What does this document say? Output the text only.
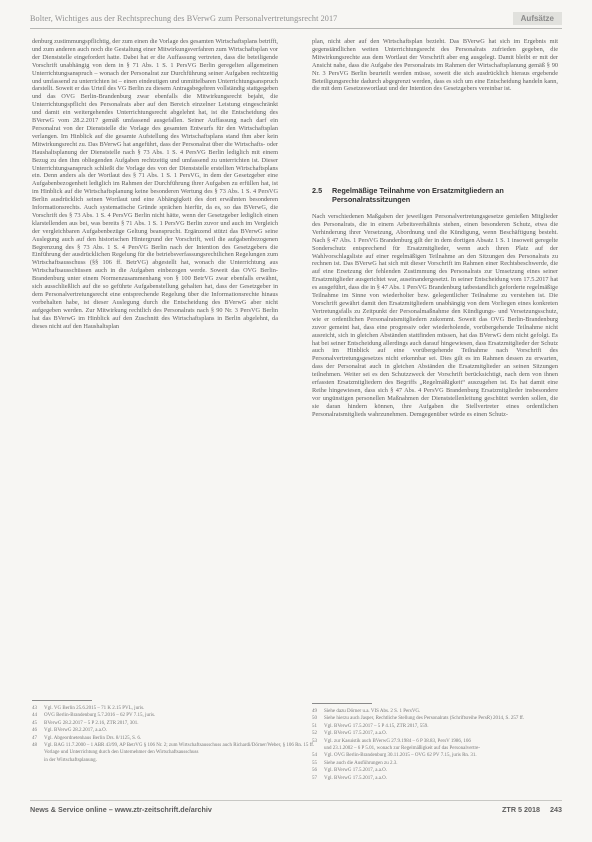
Bolter, Wichtiges aus der Rechtsprechung des BVerwG zum Personalvertretungsrecht 2017	Aufsätze
denburg zustimmungspflichtig, der zum einen die Vorlage des gesamten Wirtschaftsplans betrifft, und zum anderen auch noch die Gestaltung einer Mitwirkungsverfahren zum Wirtschaftsplan vor der Dienststelle eingefordert hatte. Dabei hat er die Auffassung vertreten, dass die beteiligende Vorschrift unabhängig von dem in § 71 Abs. 1 S. 1 PersVG Berlin geregelten allgemeinen Unterrichtungsanspruch – wonach der Personalrat zur Durchführung seiner Aufgaben rechtzeitig und umfassend zu unterrichten ist – einen eindeutigen und unmittelbaren Unterrichtungsanspruch darstellt. Soweit er das Urteil des VG Berlin zu diesem Antragsbegehren vollständig stattgegeben und das OVG Berlin-Brandenburg zwar ebenfalls die Mitwirkungsrecht bejaht, die Unterrichtungspflicht des Personalrats aber auf den Bereich einzelner Leistung eingeschränkt und damit ein weitergehendes Unterrichtungsrecht abgelehnt hat, ist die Entscheidung des BVerwG vom 28.2.2017 gemäß umfassend ausgefallen. Seiner Auffassung nach darf ein Personalrat von der Dienststelle die Vorlage des gesamten Entwurfs für den Wirtschaftsplan verlangen. Im Hinblick auf die gesamte Aufstellung des Wirtschaftsplans stand ihm aber kein Mitwirkungsrecht zu. Das BVerwG hat angeführt, dass der Personalrat über die Wirtschafts- oder Haushaltsplanung der Dienststelle nach § 73 Abs. 1 S. 4 PersVG Berlin lediglich mit einem Bezug zu den ihm obliegenden Aufgaben rechtzeitig und umfassend zu unterrichten ist. Dieser Unterrichtungsanspruch schließt die Vorlage des von der Dienststelle erstellten Wirtschaftsplans ein. Denn anders als der Wortlaut des § 71 Abs. 1 S. 1 PersVG, in dem der Gesetzgeber eine Aufgabenbezogenheit lediglich im Rahmen der Durchführung ihrer Aufgaben zu erfüllen hat, ist im Hinblick auf die Wirtschaftsplanung keine besonderen Wertung des § 73 Abs. 1 S. 4 PersVG Berlin ausdrücklich seinen Wortlaut und eine Abhängigkeit des dort erwähnten besonderen Informationsrechts. Auch systematische Gründe sprächen hierfür, da es, so das BVerwG, die Vorschrift des § 73 Abs. 1 S. 4 PersVG Berlin nicht hätte, wenn der Gesetzgeber lediglich einen klarstellenden aus bei, was bereits § 71 Abs. 1 S. 1 PersVG Berlin zuvor und auch im Vergleich der vergleichbaren Aufgabenbezüge Geltung beansprucht. Ergänzend stützt das BVerwG seine Auslegung auch auf den historischen Hintergrund der Vorschrift, weil die aufgabenbezogenen Begrenzung des § 73 Abs. 1 S. 4 PersVG Berlin nach der Intention des Gesetzgebers die Einführung der ausdrücklichen Regelung für die betriebsverfassungsrechtlichen Regelungen zum Wirtschaftsausschuss (§§ 106 ff. BetrVG) abgestellt hat, wonach die Unterrichtung aus Wirtschaftsausschüssen auch in die Aufgaben einbezogen werde. Soweit das OVG Berlin-Brandenburg unter einem Normenzusammenhang von § 100 BetrVG zwar ebenfalls erwähnt, sich ausschließlich auf die so geführte Aufgabenstellung gehalten hat, dass der Gesetzgeber in dem Personalvertretungsrecht eine entsprechende Regelung über die Informationsrechte hinaus vorbehalten habe, ist dieser Auslegung durch die Entscheidung des BVerwG aber nicht aufgegeben werden. Zur Mitwirkung rechtlich des Personalrats nach § 90 Nr. 3 PersVG Berlin hat das BVerwG im Hinblick auf den Zuschnitt des Wirtschaftsplans in Berlin abgelehnt, da dieses nicht auf den Haushaltsplan
plan, nicht aber auf den Wirtschaftsplan bezieht. Das BVerwG hat sich im Ergebnis mit gegenständlichen weiten Unterrichtungsrecht des Personalrats zufrieden gegeben, die Mitwirkungsrechte aus dem Wortlaut der Vorschrift aber eng ausgelegt. Damit bleibt er mit der Ansicht nahe, dass die Aufgabe des Personalrats im Rahmen der Wirtschaftsplanung gemäß § 90 Nr. 3 PersVG Berlin beurteilt werden müsse, soweit die sich ausdrücklich hieraus ergebende Beteiligungsrechte dadurch abgegrenzt werden, dass es sich um eine Entscheidung handeln kann, die mit dem Gesetzeswortlaut und der Intention des Gesetzgebers vereinbar ist.
2.5	Regelmäßige Teilnahme von Ersatzmitgliedern an Personalratssitzungen
Nach verschiedenen Maßgaben der jeweiligen Personalvertretungsgesetze genießen Mitglieder des Personalrats, die in einem Arbeitsverhältnis stehen, einen besonderen Schutz, etwa die Verhinderung ihrer Versetzung, Abordnung und die Kündigung, wenn Beschäftigung besteht. Nach § 47 Abs. 1 PersVG Brandenburg gilt der in dem dortigen Absatz 1 S. 1 insoweit geregelte Sonderschutz entsprechend für Ersatzmitglieder, wenn auch ihren Platz auf der Wahlvorschlagsliste auf einer regelmäßigen Teilnahme an den Sitzungen des Personalrats zu rechnen ist. Das BVerwG hat sich mit dieser Vorschrift im Rahmen einer Rechtsbeschwerde, die auf eine Ersetzung der fehlenden Zustimmung des Personalrats zur Umsetzung eines seiner Ersatzmitglieder ausgerichtet war, auseinandergesetzt. In seiner Entscheidung vom 17.5.2017 hat es ausgeführt, dass die in § 47 Abs. 1 PersVG Brandenburg tatbestandlich geforderte regelmäßige Teilnahme im Sinne von wiederholter bzw. gelegentlicher Teilnahme zu verstehen ist. Die Vorschrift gewährt damit den Ersatzmitgliedern unabhängig von dem Vorliegen eines konkreten Vertretungsfalls zu Zeitpunkt der Personalmaßnahme den Kündigungs- und Versetzungsschutz, wie er ordentlichen Personalratsmitgliedern zukommt. Soweit das OVG Berlin-Brandenburg zuvor gemeint hat, dass eine progressiv oder wiederholende, vorübergehende Teilnahme nicht ausreicht, sich in gleichen Abständen stattfinden müssen, hat das BVerwG dem nicht gefolgt. Es hat bei seiner Entscheidung allerdings auch darauf hingewiesen, dass Ersatzmitglieder der Schutz auch im Hinblick auf eine vorübergehende Teilnahme nach Vorschrift des Personalvertretungsgesetzes nicht erkennbar sei. Dies gilt es im Rahmen dessen zu erwarten, dass der Personalrat auch in gleichen Abständen die Ersatzmitglieder an seinen Sitzungen teilnehmen. Weiter sei es den Schutzzweck der Vorschrift berücksichtigt, nach dem von ihnen erfassten Ersatzmitgliedern des Begriffs „Regelmäßigkeit“ auszugehen ist. Es hat damit eine Reihe hingewiesen, dass sich § 47 Abs. 4 PersVG Brandenburg Ersatzmitglieder insbesondere vor ungünstigen personellen Maßnahmen der Dienststellenleitung geschützt werden sollen, die sie daran hindern können, ihre Aufgaben die Stellvertreter eines ordentlichen Personalratsmitglieds wahrzunehmen. Demgegenüber würde es einen Schutz-
43	Vgl. VG Berlin 25.6.2015 – 71 K 2.15 PVL, juris.
44	OVG Berlin-Brandenburg 5.7.2016 – 62 PV 7.15, juris.
45	BVerwG 28.2.2017 – 5 P 2.16, ZTR 2017, 301.
46	Vgl. BVerwG 28.2.2017, a.a.O.
47	Vgl. Abgeordnetenhaus Berlin Drs. 8/1125, S. 6.
48	Vgl. BAG 11.7.2000 – 1 ABR 43/99, AP BetrVG § 106 Nr. 2; zum Wirtschaftsausschuss auch Richardi/Dörner/Weber, § 106 Rn. 15 ff.
Vorlage und Unterrichtung durch den Unternehmer den Wirtschaftsausschuss
in der Wirtschaftsplanung.
49	Siehe dazu Dörner u.a. VIS Abs. 2 S. 1 PersVG.
50	Siehe hierzu auch Jasper, Rechtliche Stellung des Personalrats (Schriftsreihe PersR) 2014, S. 257 ff.
51	Vgl. BVerwG 17.5.2017 – 5 P 4.15, ZTR 2017, 559.
52	Vgl. BVerwG 17.5.2017, a.a.O.
53	Vgl. zur Kasuistik auch BVerwG 27.9.1984 – 6 P 38.83, PersV 1986, 166
und 23.1.2002 – 6 P 5.01, wonach zur Regelmäßigkeit auf das Personalvertre-
54	Vgl. OVG Berlin-Brandenburg 30.11.2015 – OVG 62 PV 7.15, juris Rn. 31.
55	Siehe auch die Ausführungen zu 2.3.
56	Vgl. BVerwG 17.5.2017, a.a.O.
57	Vgl. BVerwG 17.5.2017, a.a.O.
News & Service online – www.ztr-zeitschrift.de/archiv	ZTR 5 2018 243
